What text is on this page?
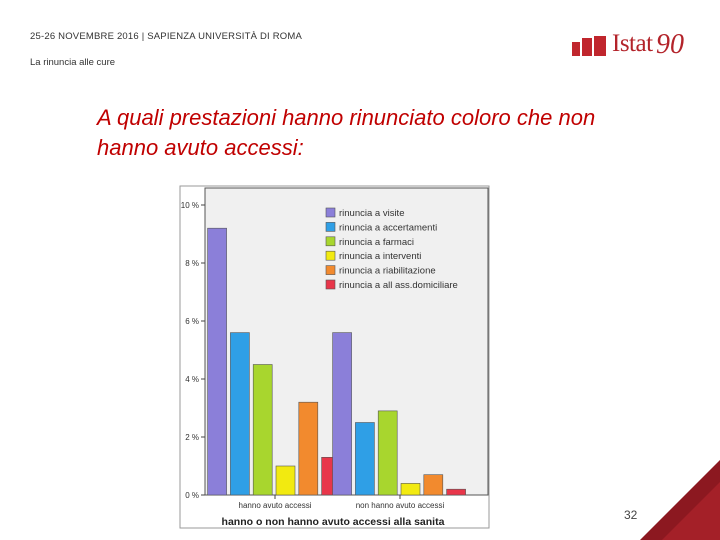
25-26 NOVEMBRE 2016 | SAPIENZA UNIVERSITÀ DI ROMA
La rinuncia alle cure
Istat 90
A quali prestazioni hanno rinunciato coloro che non hanno avuto accessi:
0 %
2 %
4 %
6 %
8 %
10 %
hanno avuto accessi	non hanno avuto accessi
hanno o non hanno avuto accessi alla sanita
rinuncia a visite
rinuncia a accertamenti
rinuncia a farmaci
rinuncia a interventi
rinuncia a riabilitazione
rinuncia a all ass.domiciliare
32
